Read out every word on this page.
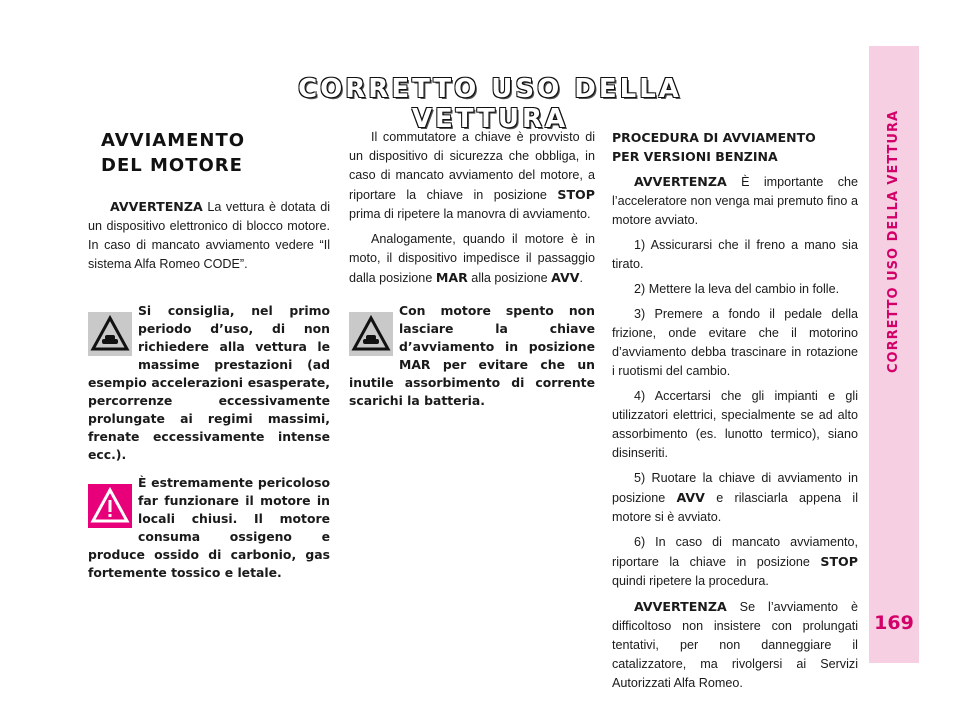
CORRETTO USO DELLA VETTURA	CORRETTO USO DELLA VETTURA
169
AVVIAMENTO
DEL MOTORE

AVVERTENZA La vettura è dotata di un dispositivo elettronico di blocco motore. In caso di mancato avviamento vedere “Il sistema Alfa Romeo CODE”.

Si consiglia, nel primo periodo d’uso, di non richiedere alla vettura le massime prestazioni (ad esempio accelerazioni esasperate, percorrenze eccessivamente prolungate ai regimi massimi, frenate eccessivamente intense ecc.).
È estremamente pericoloso far funzionare il motore in locali chiusi. Il motore consuma ossigeno e produce ossido di carbonio, gas fortemente tossico e letale.

Il commutatore a chiave è provvisto di un dispositivo di sicurezza che obbliga, in caso di mancato avviamento del motore, a riportare la chiave in posizione STOP prima di ripetere la manovra di avviamento.

Analogamente, quando il motore è in moto, il dispositivo impedisce il passaggio dalla posizione MAR alla posizione AVV.

Con motore spento non lasciare la chiave d’avviamento in posizione MAR per evitare che un inutile assorbimento di corrente scarichi la batteria.

PROCEDURA DI AVVIAMENTO
PER VERSIONI BENZINA

AVVERTENZA È importante che l’acceleratore non venga mai premuto fino a motore avviato.

1) Assicurarsi che il freno a mano sia tirato.

2) Mettere la leva del cambio in folle.

3) Premere a fondo il pedale della frizione, onde evitare che il motorino d’avviamento debba trascinare in rotazione i ruotismi del cambio.

4) Accertarsi che gli impianti e gli utilizzatori elettrici, specialmente se ad alto assorbimento (es. lunotto termico), siano disinseriti.

5) Ruotare la chiave di avviamento in posizione AVV e rilasciarla appena il motore si è avviato.

6) In caso di mancato avviamento, riportare la chiave in posizione STOP quindi ripetere la procedura.

AVVERTENZA Se l’avviamento è difficoltoso non insistere con prolungati tentativi, per non danneggiare il catalizzatore, ma rivolgersi ai Servizi Autorizzati Alfa Romeo.
